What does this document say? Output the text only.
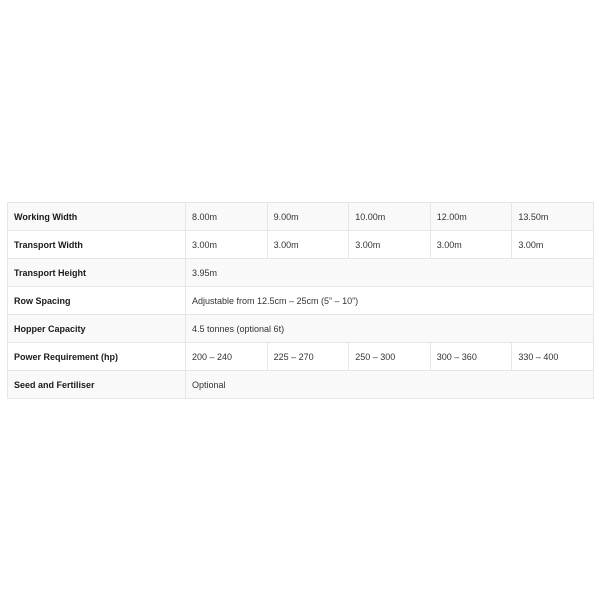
Working Width	8.00m	9.00m	10.00m	12.00m	13.50m
Transport Width	3.00m	3.00m	3.00m	3.00m	3.00m
Transport Height	3.95m				
Row Spacing	Adjustable from 12.5cm – 25cm (5” – 10”)				
Hopper Capacity	4.5 tonnes (optional 6t)				
Power Requirement (hp)	200 – 240	225 – 270	250 – 300	300 – 360	330 – 400
Seed and Fertiliser	Optional				
